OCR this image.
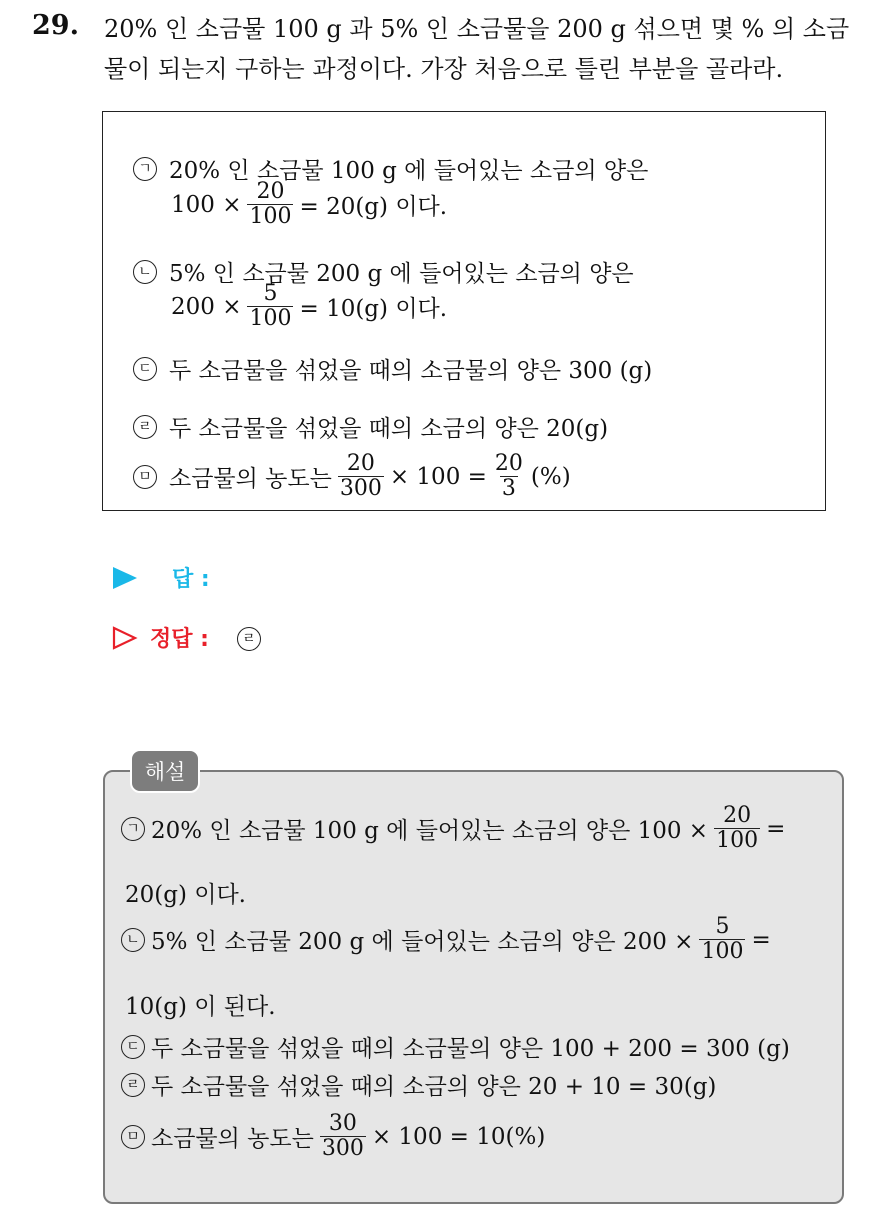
29. 20% 인 소금물 100 g 과 5% 인 소금물을 200 g 섞으면 몇 % 의 소금
물이 되는지 구하는 과정이다. 가장 처음으로 틀린 부분을 골라라.
ㄱ 20% 인 소금물 100 g 에 들어있는 소금의 양은
$100 \times \frac{20}{100} = 20(g)$ 이다.
ㄴ 5% 인 소금물 200 g 에 들어있는 소금의 양은
$200 \times \frac{5}{100} = 10(g)$ 이다.
ㄷ 두 소금물을 섞었을 때의 소금물의 양은 300 (g)
ㄹ 두 소금물을 섞었을 때의 소금의 양은 20(g)
ㅁ 소금물의 농도는 $\frac{20}{300} \times 100 = \frac{20}{3}$ (%)
답 :
정답 :	ㄹ
ㄱ 20% 인 소금물 100 g 에 들어있는 소금의 양은 $100 \times \frac{20}{100}$ =
20(g) 이다.
ㄴ 5% 인 소금물 200 g 에 들어있는 소금의 양은 $200 \times \frac{5}{100}$ =
10(g) 이 된다.
ㄷ 두 소금물을 섞었을 때의 소금물의 양은 100 + 200 = 300 (g)
ㄹ 두 소금물을 섞었을 때의 소금의 양은 20 + 10 = 30(g)
ㅁ 소금물의 농도는 $\frac{30}{300} \times 100 = 10(\%)$
해설
